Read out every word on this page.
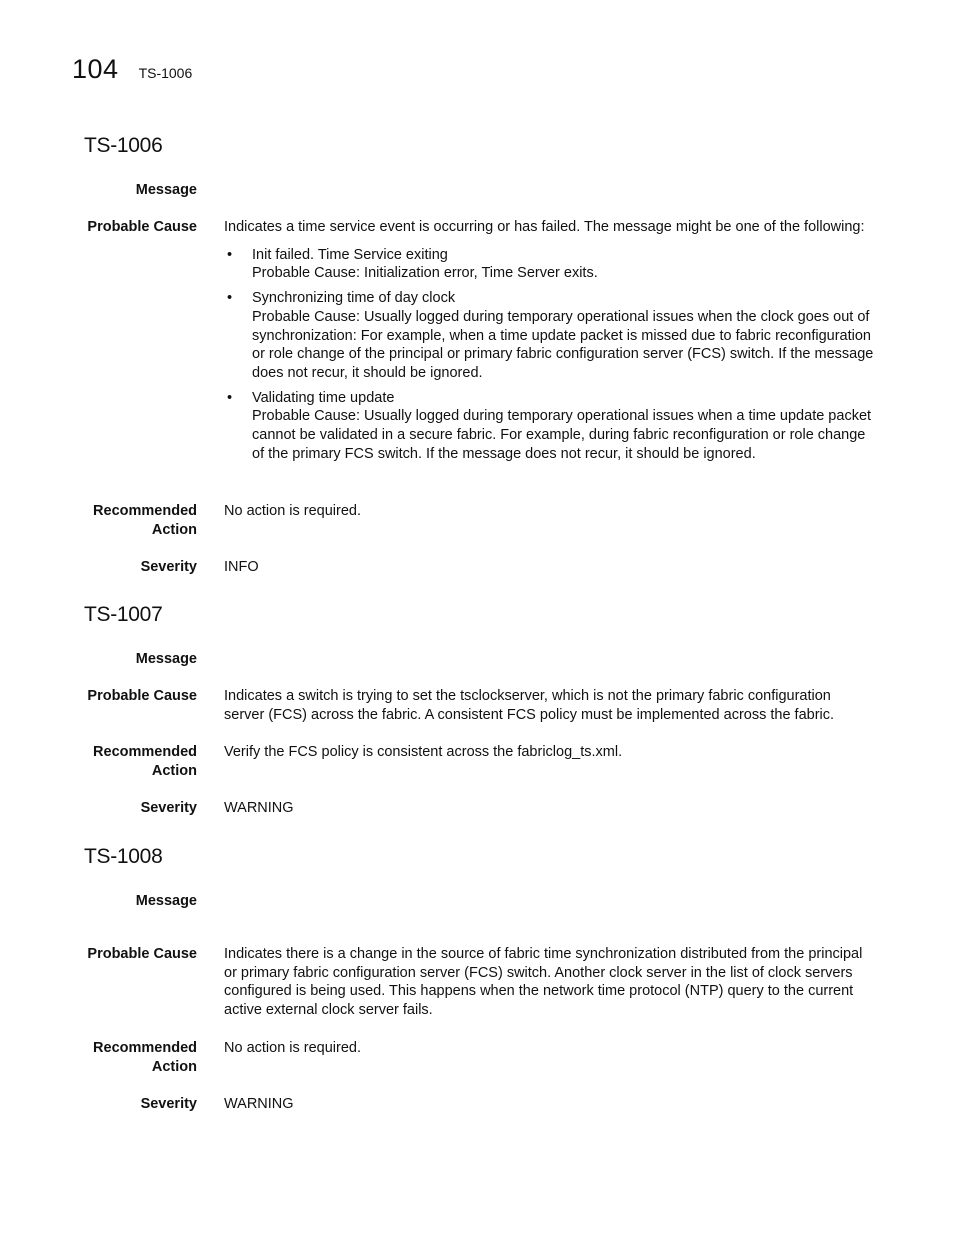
104 TS-1006
TS-1006
Message
Probable Cause Indicates a time service event is occurring or has failed. The message might be one of the following:

• Init failed. Time Service exiting
Probable Cause: Initialization error, Time Server exits.
• Synchronizing time of day clock
Probable Cause: Usually logged during temporary operational issues when the clock goes out of synchronization: For example, when a time update packet is missed due to fabric reconfiguration or role change of the principal or primary fabric configuration server (FCS) switch. If the message does not recur, it should be ignored.
• Validating time update
Probable Cause: Usually logged during temporary operational issues when a time update packet cannot be validated in a secure fabric. For example, during fabric reconfiguration or role change of the primary FCS switch. If the message does not recur, it should be ignored.
Recommended
Action
No action is required.
Severity INFO
TS-1007
Message
Probable Cause Indicates a switch is trying to set the tsclockserver, which is not the primary fabric configuration server (FCS) across the fabric. A consistent FCS policy must be implemented across the fabric.
Recommended
Action
Verify the FCS policy is consistent across the fabriclog_ts.xml.
Severity WARNING
TS-1008
Message
Probable Cause Indicates there is a change in the source of fabric time synchronization distributed from the principal or primary fabric configuration server (FCS) switch. Another clock server in the list of clock servers configured is being used. This happens when the network time protocol (NTP) query to the current active external clock server fails.
Recommended
Action
No action is required.
Severity WARNING
